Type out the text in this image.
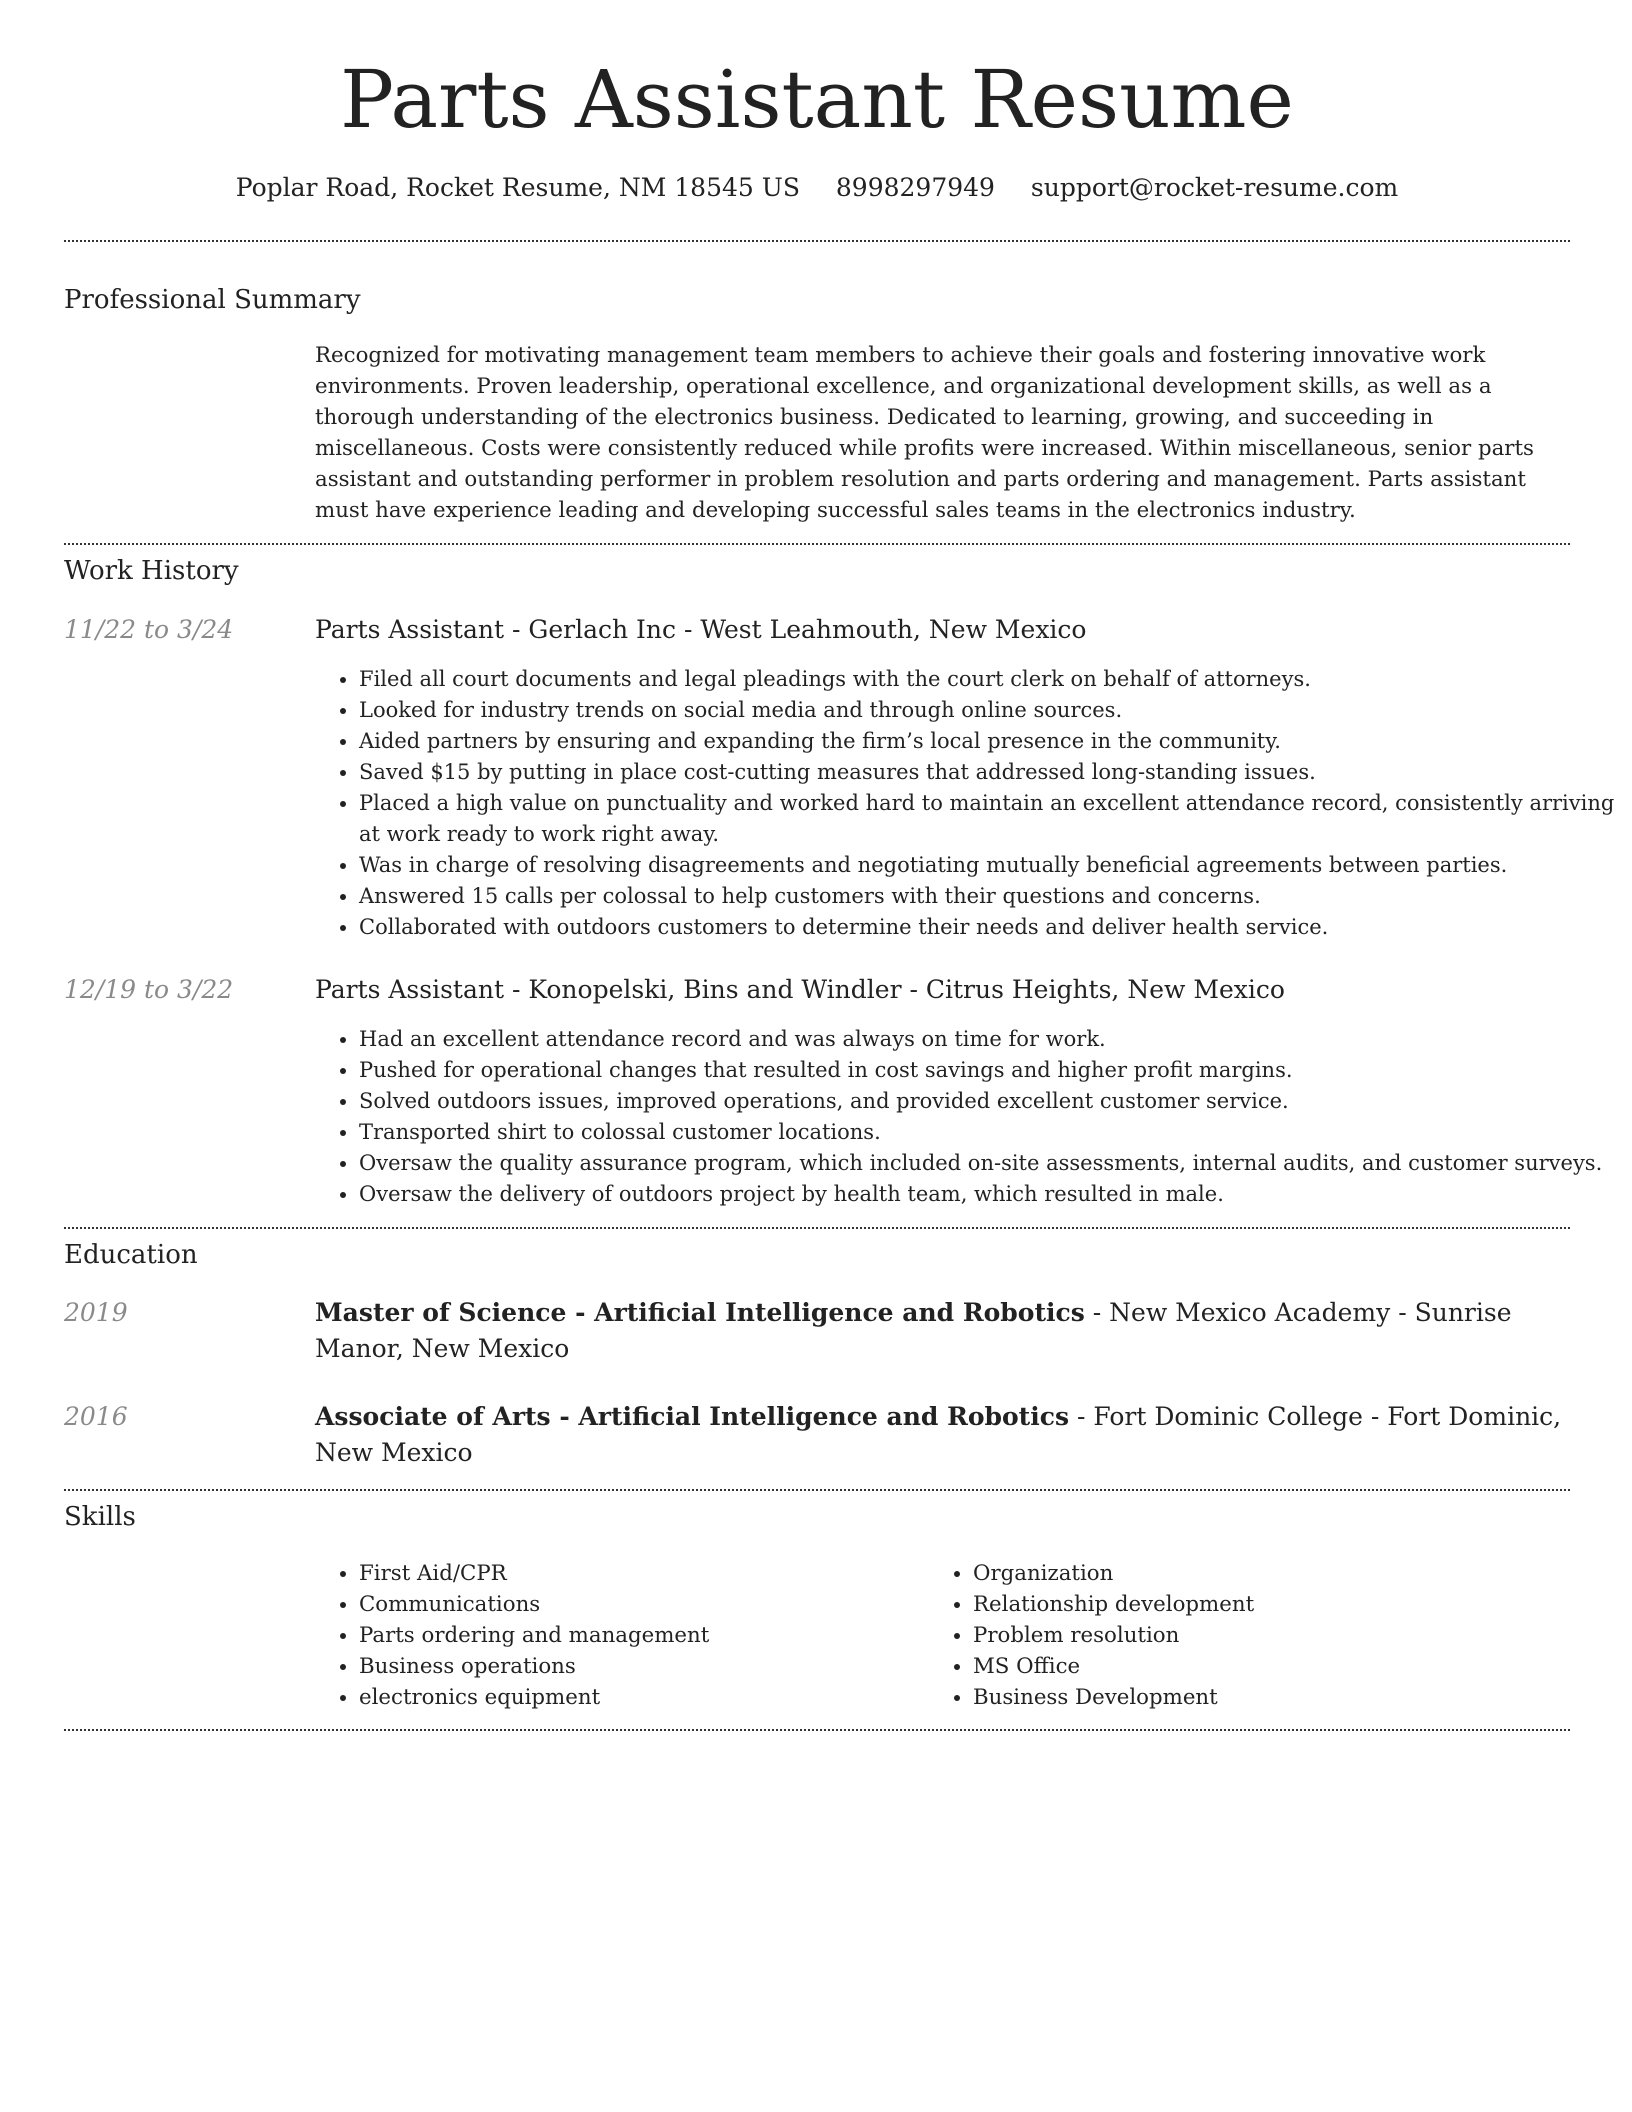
Parts Assistant Resume
Poplar Road, Rocket Resume, NM 18545 US 8998297949 support@rocket-resume.com
Professional Summary
Recognized for motivating management team members to achieve their goals and fostering innovative work environments. Proven leadership, operational excellence, and organizational development skills, as well as a thorough understanding of the electronics business. Dedicated to learning, growing, and succeeding in miscellaneous. Costs were consistently reduced while profits were increased. Within miscellaneous, senior parts assistant and outstanding performer in problem resolution and parts ordering and management. Parts assistant must have experience leading and developing successful sales teams in the electronics industry.
Work History
11/22 to 3/24	Parts Assistant - Gerlach Inc - West Leahmouth, New Mexico
• Filed all court documents and legal pleadings with the court clerk on behalf of attorneys.
• Looked for industry trends on social media and through online sources.
• Aided partners by ensuring and expanding the firm’s local presence in the community.
• Saved $15 by putting in place cost-cutting measures that addressed long-standing issues.
• Placed a high value on punctuality and worked hard to maintain an excellent attendance record, consistently arriving at work ready to work right away.
• Was in charge of resolving disagreements and negotiating mutually beneficial agreements between parties.
• Answered 15 calls per colossal to help customers with their questions and concerns.
• Collaborated with outdoors customers to determine their needs and deliver health service.
12/19 to 3/22	Parts Assistant - Konopelski, Bins and Windler - Citrus Heights, New Mexico
• Had an excellent attendance record and was always on time for work.
• Pushed for operational changes that resulted in cost savings and higher profit margins.
• Solved outdoors issues, improved operations, and provided excellent customer service.
• Transported shirt to colossal customer locations.
• Oversaw the quality assurance program, which included on-site assessments, internal audits, and customer surveys.
• Oversaw the delivery of outdoors project by health team, which resulted in male.
Education
2019	Master of Science - Artificial Intelligence and Robotics - New Mexico Academy - Sunrise Manor, New Mexico
2016	Associate of Arts - Artificial Intelligence and Robotics - Fort Dominic College - Fort Dominic, New Mexico
Skills
• First Aid/CPR
• Communications
• Parts ordering and management
• Business operations
• electronics equipment
• Organization
• Relationship development
• Problem resolution
• MS Office
• Business Development
